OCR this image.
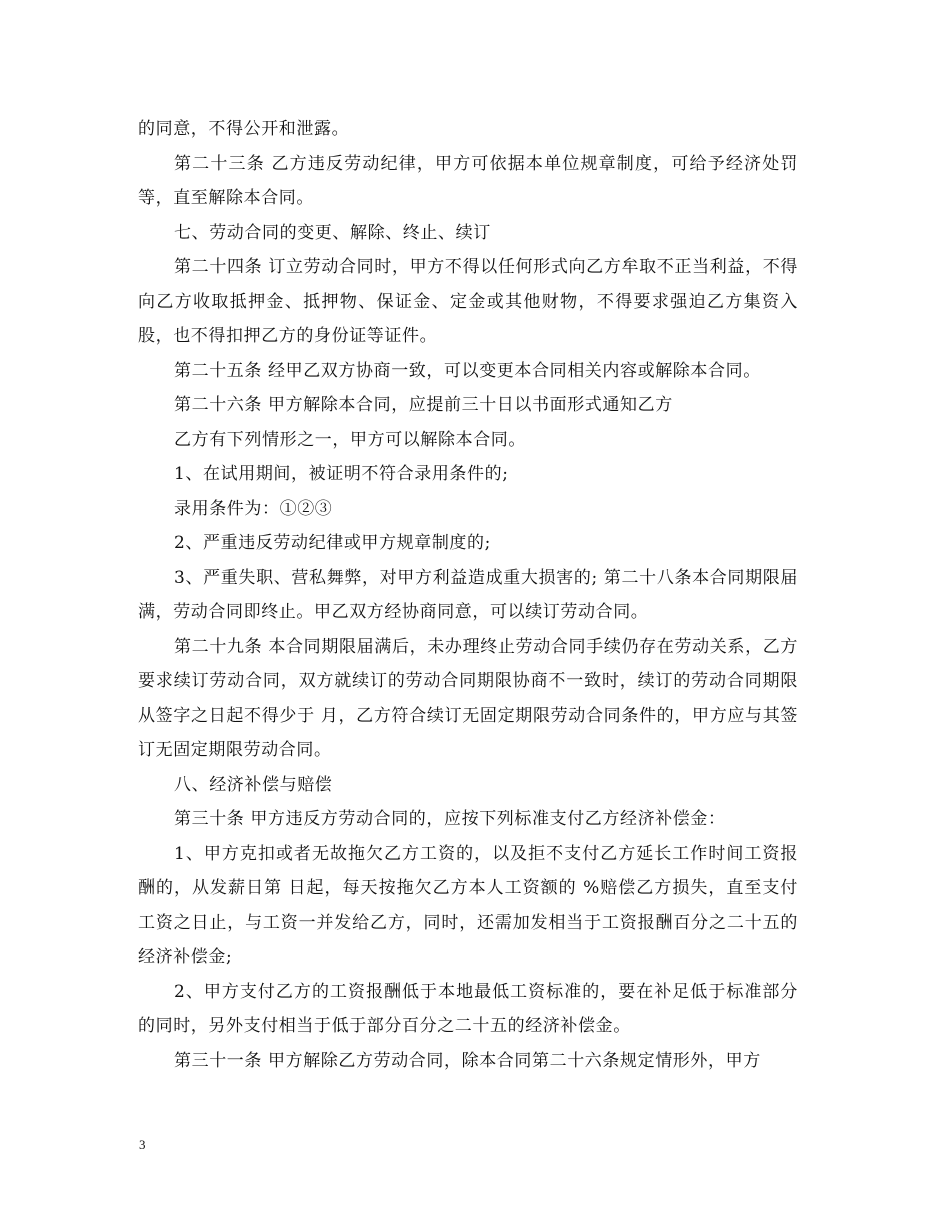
的同意，不得公开和泄露。

第二十三条 乙方违反劳动纪律，甲方可依据本单位规章制度，可给予经济处罚等，直至解除本合同。

七、劳动合同的变更、解除、终止、续订

第二十四条 订立劳动合同时，甲方不得以任何形式向乙方牟取不正当利益，不得向乙方收取抵押金、抵押物、保证金、定金或其他财物，不得要求强迫乙方集资入股，也不得扣押乙方的身份证等证件。

第二十五条 经甲乙双方协商一致，可以变更本合同相关内容或解除本合同。

第二十六条 甲方解除本合同，应提前三十日以书面形式通知乙方

乙方有下列情形之一，甲方可以解除本合同。

1、在试用期间，被证明不符合录用条件的;

录用条件为：①②③

2、严重违反劳动纪律或甲方规章制度的;

3、严重失职、营私舞弊，对甲方利益造成重大损害的; 第二十八条本合同期限届满，劳动合同即终止。甲乙双方经协商同意，可以续订劳动合同。

第二十九条 本合同期限届满后，未办理终止劳动合同手续仍存在劳动关系，乙方要求续订劳动合同，双方就续订的劳动合同期限协商不一致时，续订的劳动合同期限从签字之日起不得少于 月，乙方符合续订无固定期限劳动合同条件的，甲方应与其签订无固定期限劳动合同。

八、经济补偿与赔偿

第三十条 甲方违反方劳动合同的，应按下列标准支付乙方经济补偿金：

1、甲方克扣或者无故拖欠乙方工资的，以及拒不支付乙方延长工作时间工资报酬的，从发薪日第 日起，每天按拖欠乙方本人工资额的 %赔偿乙方损失，直至支付工资之日止，与工资一并发给乙方，同时，还需加发相当于工资报酬百分之二十五的经济补偿金;

2、甲方支付乙方的工资报酬低于本地最低工资标准的，要在补足低于标准部分的同时，另外支付相当于低于部分百分之二十五的经济补偿金。

第三十一条 甲方解除乙方劳动合同，除本合同第二十六条规定情形外，甲方

3
